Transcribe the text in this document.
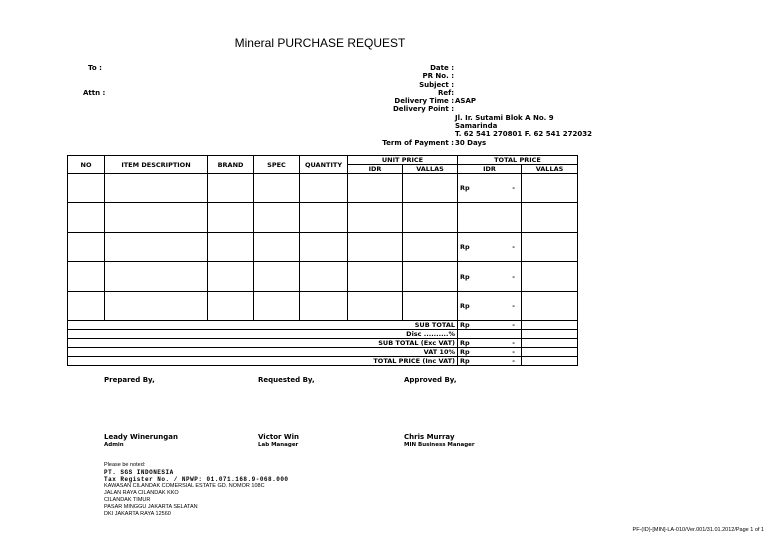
Mineral PURCHASE REQUEST
To :
Attn :
Date :
PR No. :
Subject :
Ref:
Delivery Time : ASAP
Delivery Point :
Jl. Ir. Sutami Blok A No. 9
Samarinda
T. 62 541 270801 F. 62 541 272032
Term of Payment : 30 Days
NO	ITEM DESCRIPTION	BRAND	SPEC	QUANTITY	UNIT PRICE		TOTAL PRICE	
					IDR	VALLAS	IDR	VALLAS
							Rp -	

							Rp -	

							Rp -	

							Rp -	

SUB TOTAL							Rp -	

Disc ..........%							

SUB TOTAL (Exc VAT)							Rp -	

VAT 10%							Rp -	

TOTAL PRICE (Inc VAT)							Rp -	

Prepared By,	Requested By,	Approved By,
Leady Winerungan
Admin
Victor Win
Lab Manager
Chris Murray
MIN Business Manager
Please be noted:
PT. SGS INDONESIA
Tax Register No. / NPWP: 01.071.168.9-068.000
KAWASAN CILANDAK COMERSIAL ESTATE GD. NOMOR 108C
JALAN RAYA CILANDAK KKO
CILANDAK TIMUR
PASAR MINGGU JAKARTA SELATAN
DKI JAKARTA RAYA 12560
PF-(ID)-[MIN]-LA-010/Ver.001/31.01.2012/Page 1 of 1
